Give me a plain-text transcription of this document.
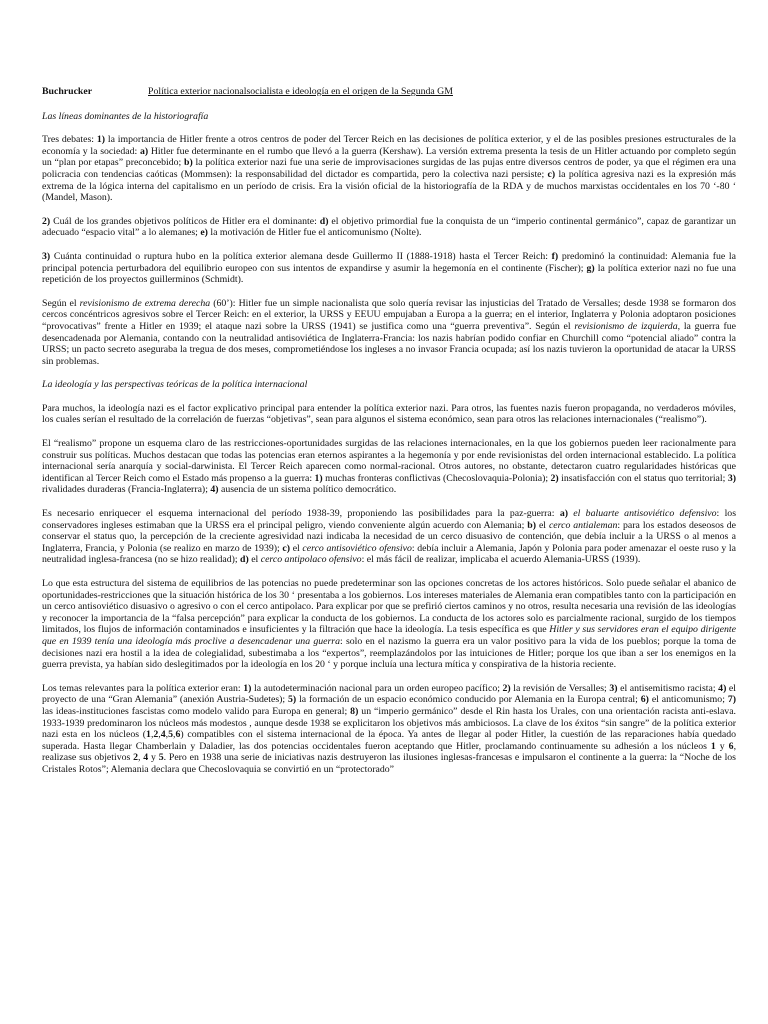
Buchrucker	Política exterior nacionalsocialista e ideología en el origen de la Segunda GM
Las líneas dominantes de la historiografía

Tres debates: 1) la importancia de Hitler frente a otros centros de poder del Tercer Reich en las decisiones de política exterior, y el de las posibles presiones estructurales de la economía y la sociedad: a) Hitler fue determinante en el rumbo que llevó a la guerra (Kershaw). La versión extrema presenta la tesis de un Hitler actuando por completo según un “plan por etapas” preconcebido; b) la política exterior nazi fue una serie de improvisaciones surgidas de las pujas entre diversos centros de poder, ya que el régimen era una policracia con tendencias caóticas (Mommsen): la responsabilidad del dictador es compartida, pero la colectiva nazi persiste; c) la política agresiva nazi es la expresión más extrema de la lógica interna del capitalismo en un período de crisis. Era la visión oficial de la historiografía de la RDA y de muchos marxistas occidentales en los 70 ‘-80 ‘ (Mandel, Mason).

2) Cuál de los grandes objetivos políticos de Hitler era el dominante: d) el objetivo primordial fue la conquista de un “imperio continental germánico”, capaz de garantizar un adecuado “espacio vital” a lo alemanes; e) la motivación de Hitler fue el anticomunismo (Nolte).

3) Cuánta continuidad o ruptura hubo en la política exterior alemana desde Guillermo II (1888-1918) hasta el Tercer Reich: f) predominó la continuidad: Alemania fue la principal potencia perturbadora del equilibrio europeo con sus intentos de expandirse y asumir la hegemonía en el continente (Fischer); g) la política exterior nazi no fue una repetición de los proyectos guillerminos (Schmidt).

Según el revisionismo de extrema derecha (60’): Hitler fue un simple nacionalista que solo quería revisar las injusticias del Tratado de Versalles; desde 1938 se formaron dos cercos concéntricos agresivos sobre el Tercer Reich: en el exterior, la URSS y EEUU empujaban a Europa a la guerra; en el interior, Inglaterra y Polonia adoptaron posiciones “provocativas” frente a Hitler en 1939; el ataque nazi sobre la URSS (1941) se justifica como una “guerra preventiva”. Según el revisionismo de izquierda, la guerra fue desencadenada por Alemania, contando con la neutralidad antisoviética de Inglaterra-Francia: los nazis habrían podido confiar en Churchill como “potencial aliado” contra la URSS; un pacto secreto aseguraba la tregua de dos meses, comprometiéndose los ingleses a no invasor Francia ocupada; así los nazis tuvieron la oportunidad de atacar la URSS sin problemas.

La ideología y las perspectivas teóricas de la política internacional

Para muchos, la ideología nazi es el factor explicativo principal para entender la política exterior nazi. Para otros, las fuentes nazis fueron propaganda, no verdaderos móviles, los cuales serían el resultado de la correlación de fuerzas “objetivas”, sean para algunos el sistema económico, sean para otros las relaciones internacionales (“realismo”).

El “realismo” propone un esquema claro de las restricciones-oportunidades surgidas de las relaciones internacionales, en la que los gobiernos pueden leer racionalmente para construir sus políticas. Muchos destacan que todas las potencias eran eternos aspirantes a la hegemonía y por ende revisionistas del orden internacional establecido. La política internacional sería anarquía y social-darwinista. El Tercer Reich aparecen como normal-racional. Otros autores, no obstante, detectaron cuatro regularidades históricas que identifican al Tercer Reich como el Estado más propenso a la guerra: 1) muchas fronteras conflictivas (Checoslovaquia-Polonia); 2) insatisfacción con el status quo territorial; 3) rivalidades duraderas (Francia-Inglaterra); 4) ausencia de un sistema político democrático.

Es necesario enriquecer el esquema internacional del período 1938-39, proponiendo las posibilidades para la paz-guerra: a) el baluarte antisoviético defensivo: los conservadores ingleses estimaban que la URSS era el principal peligro, viendo conveniente algún acuerdo con Alemania; b) el cerco antialeman: para los estados deseosos de conservar el status quo, la percepción de la creciente agresividad nazi indicaba la necesidad de un cerco disuasivo de contención, que debía incluir a la URSS o al menos a Inglaterra, Francia, y Polonia (se realizo en marzo de 1939); c) el cerco antisoviético ofensivo: debía incluir a Alemania, Japón y Polonia para poder amenazar el oeste ruso y la neutralidad inglesa-francesa (no se hizo realidad); d) el cerco antipolaco ofensivo: el más fácil de realizar, implicaba el acuerdo Alemania-URSS (1939).

Lo que esta estructura del sistema de equilibrios de las potencias no puede predeterminar son las opciones concretas de los actores históricos. Solo puede señalar el abanico de oportunidades-restricciones que la situación histórica de los 30 ‘ presentaba a los gobiernos. Los intereses materiales de Alemania eran compatibles tanto con la participación en un cerco antisoviético disuasivo o agresivo o con el cerco antipolaco. Para explicar por que se prefirió ciertos caminos y no otros, resulta necesaria una revisión de las ideologías y reconocer la importancia de la “falsa percepción” para explicar la conducta de los gobiernos. La conducta de los actores solo es parcialmente racional, surgido de los tiempos limitados, los flujos de información contaminados e insuficientes y la filtración que hace la ideología. La tesis específica es que Hitler y sus servidores eran el equipo dirigente que en 1939 tenía una ideología más proclive a desencadenar una guerra: solo en el nazismo la guerra era un valor positivo para la vida de los pueblos; porque la toma de decisiones nazi era hostil a la idea de colegialidad, subestimaba a los “expertos”, reemplazándolos por las intuiciones de Hitler; porque los que iban a ser los enemigos en la guerra prevista, ya habían sido deslegitimados por la ideología en los 20 ‘ y porque incluía una lectura mítica y conspirativa de la historia reciente.

Los temas relevantes para la política exterior eran: 1) la autodeterminación nacional para un orden europeo pacífico; 2) la revisión de Versalles; 3) el antisemitismo racista; 4) el proyecto de una “Gran Alemania” (anexión Austria-Sudetes); 5) la formación de un espacio económico conducido por Alemania en la Europa central; 6) el anticomunismo; 7) las ideas-instituciones fascistas como modelo valido para Europa en general; 8) un “imperio germánico” desde el Rin hasta los Urales, con una orientación racista anti-eslava. 1933-1939 predominaron los núcleos más modestos , aunque desde 1938 se explicitaron los objetivos más ambiciosos. La clave de los éxitos “sin sangre” de la política exterior nazi esta en los núcleos (1,2,4,5,6) compatibles con el sistema internacional de la época. Ya antes de llegar al poder Hitler, la cuestión de las reparaciones había quedado superada. Hasta llegar Chamberlain y Daladier, las dos potencias occidentales fueron aceptando que Hitler, proclamando continuamente su adhesión a los núcleos 1 y 6, realizase sus objetivos 2, 4 y 5. Pero en 1938 una serie de iniciativas nazis destruyeron las ilusiones inglesas-francesas e impulsaron el continente a la guerra: la “Noche de los Cristales Rotos”; Alemania declara que Checoslovaquia se convirtió en un “protectorado”
